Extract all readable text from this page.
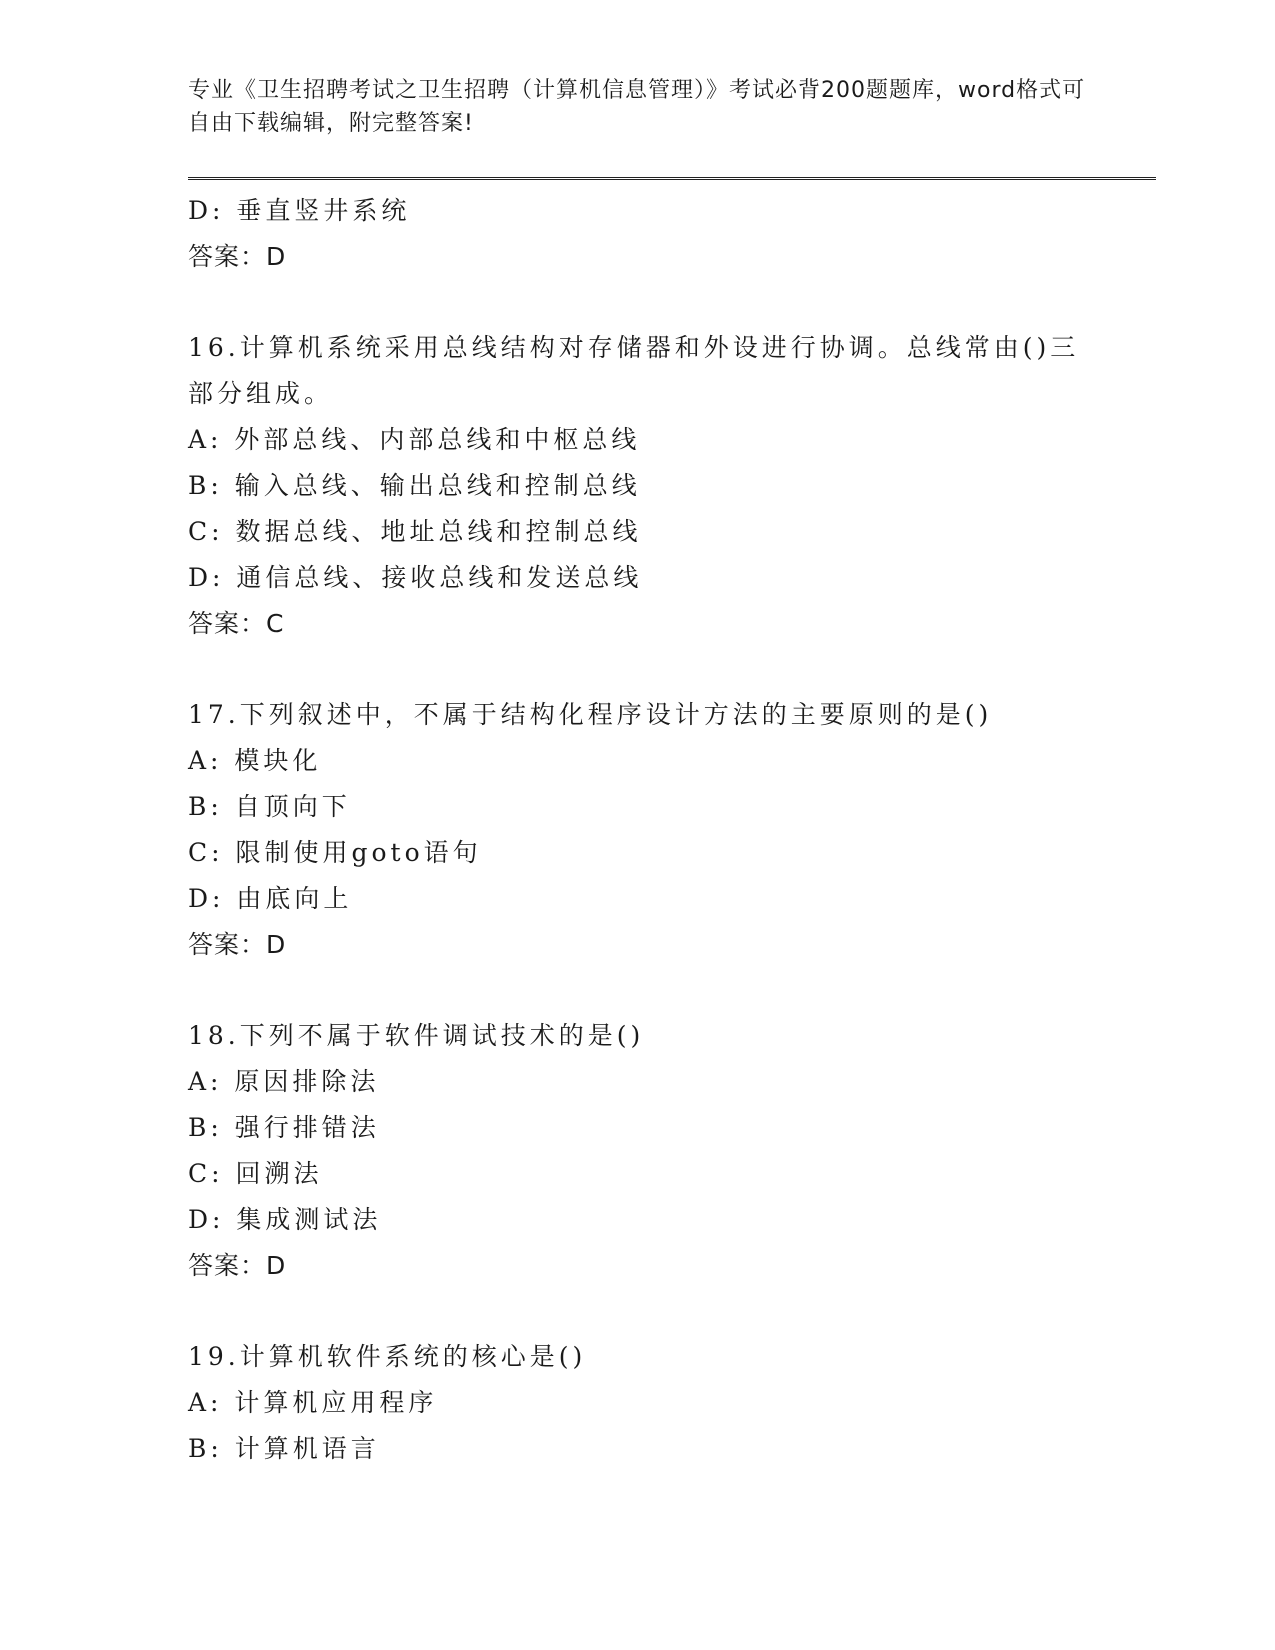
专业《卫生招聘考试之卫生招聘（计算机信息管理）》考试必背200题题库，word格式可自由下载编辑，附完整答案!
D: 垂直竖井系统
答案：D
16.计算机系统采用总线结构对存储器和外设进行协调。总线常由()三部分组成。
A: 外部总线、内部总线和中枢总线
B: 输入总线、输出总线和控制总线
C: 数据总线、地址总线和控制总线
D: 通信总线、接收总线和发送总线
答案：C
17.下列叙述中，不属于结构化程序设计方法的主要原则的是()
A: 模块化
B: 自顶向下
C: 限制使用goto语句
D: 由底向上
答案：D
18.下列不属于软件调试技术的是()
A: 原因排除法
B: 强行排错法
C: 回溯法
D: 集成测试法
答案：D
19.计算机软件系统的核心是()
A: 计算机应用程序
B: 计算机语言
